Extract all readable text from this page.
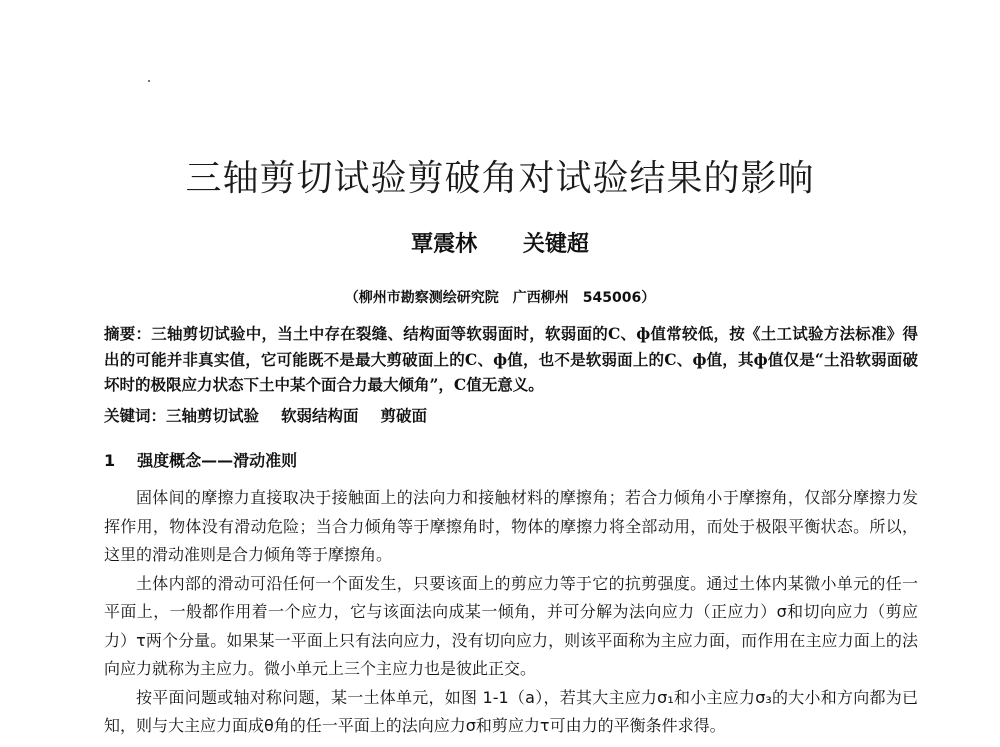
三轴剪切试验剪破角对试验结果的影响
覃震林 关键超
（柳州市勘察测绘研究院　广西柳州　545006）
摘要：三轴剪切试验中，当土中存在裂缝、结构面等软弱面时，软弱面的C、ф值常较低，按《土工试验方法标准》得出的可能并非真实值，它可能既不是最大剪破面上的C、ф值，也不是软弱面上的C、ф值，其ф值仅是“土沿软弱面破坏时的极限应力状态下土中某个面合力最大倾角”，C值无意义。
关键词：三轴剪切试验 软弱结构面 剪破面
1 强度概念——滑动准则

固体间的摩擦力直接取决于接触面上的法向力和接触材料的摩擦角；若合力倾角小于摩擦角，仅部分摩擦力发挥作用，物体没有滑动危险；当合力倾角等于摩擦角时，物体的摩擦力将全部动用，而处于极限平衡状态。所以，这里的滑动准则是合力倾角等于摩擦角。

土体内部的滑动可沿任何一个面发生，只要该面上的剪应力等于它的抗剪强度。通过土体内某微小单元的任一平面上，一般都作用着一个应力，它与该面法向成某一倾角，并可分解为法向应力（正应力）σ和切向应力（剪应力）τ两个分量。如果某一平面上只有法向应力，没有切向应力，则该平面称为主应力面，而作用在主应力面上的法向应力就称为主应力。微小单元上三个主应力也是彼此正交。

按平面问题或轴对称问题，某一土体单元，如图 1-1（a），若其大主应力σ₁和小主应力σ₃的大小和方向都为已知，则与大主应力面成θ角的任一平面上的法向应力σ和剪应力τ可由力的平衡条件求得。
